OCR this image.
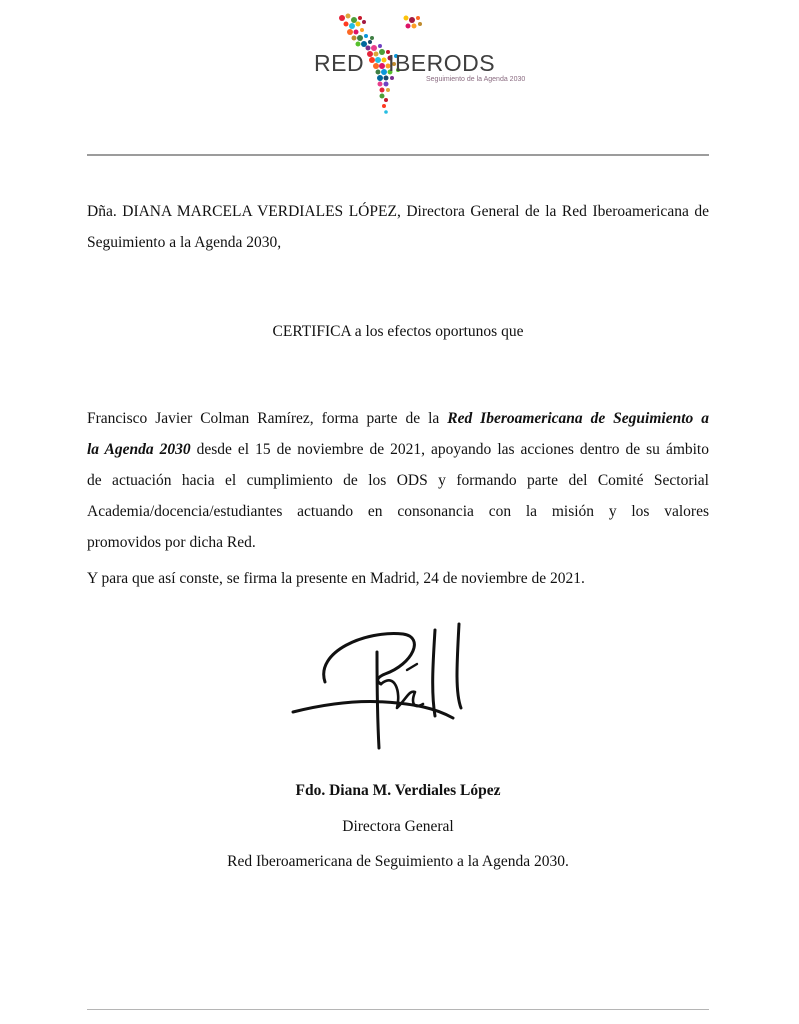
RED IBERODS
Seguimiento de la Agenda 2030
Dña. DIANA MARCELA VERDIALES LÓPEZ, Directora General de la Red Iberoamericana de Seguimiento a la Agenda 2030,
CERTIFICA a los efectos oportunos que
Francisco Javier Colman Ramírez, forma parte de la Red Iberoamericana de Seguimiento a
la Agenda 2030 desde el 15 de noviembre de 2021, apoyando las acciones dentro de su ámbito
de actuación hacia el cumplimiento de los ODS y formando parte del Comité Sectorial
Academia/docencia/estudiantes actuando en consonancia con la misión y los valores
promovidos por dicha Red.
Y para que así conste, se firma la presente en Madrid, 24 de noviembre de 2021.
Fdo. Diana M. Verdiales López
Directora General
Red Iberoamericana de Seguimiento a la Agenda 2030.
